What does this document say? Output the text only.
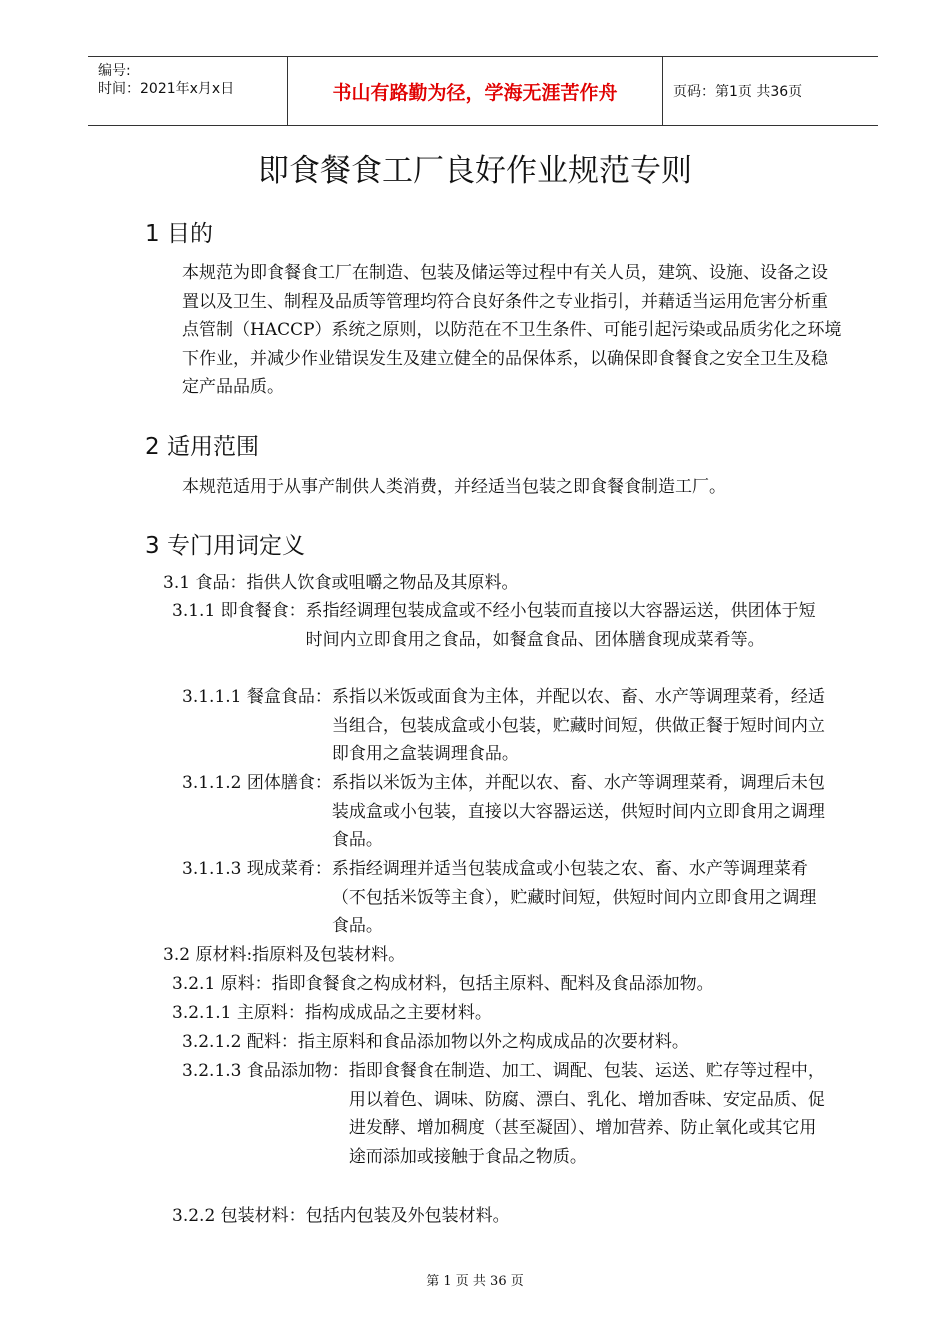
编号:
时间：2021年x月x日	书山有路勤为径，学海无涯苦作舟	页码：第1页 共36页
即食餐食工厂良好作业规范专则
1 目的
本规范为即食餐食工厂在制造、包装及储运等过程中有关人员，建筑、设施、设备之设置以及卫生、制程及品质等管理均符合良好条件之专业指引，并藉适当运用危害分析重点管制（HACCP）系统之原则，以防范在不卫生条件、可能引起污染或品质劣化之环境下作业，并减少作业错误发生及建立健全的品保体系，以确保即食餐食之安全卫生及稳定产品品质。
2 适用范围
本规范适用于从事产制供人类消费，并经适当包装之即食餐食制造工厂。
3 专门用词定义
3.1 食品：指供人饮食或咀嚼之物品及其原料。
3.1.1 即食餐食： 系指经调理包装成盒或不经小包装而直接以大容器运送，供团体于短时间内立即食用之食品，如餐盒食品、团体膳食现成菜肴等。
3.1.1.1 餐盒食品： 系指以米饭或面食为主体，并配以农、畜、水产等调理菜肴，经适当组合，包装成盒或小包装，贮藏时间短，供做正餐于短时间内立即食用之盒装调理食品。
3.1.1.2 团体膳食： 系指以米饭为主体，并配以农、畜、水产等调理菜肴，调理后未包装成盒或小包装，直接以大容器运送，供短时间内立即食用之调理食品。
3.1.1.3 现成菜肴： 系指经调理并适当包装成盒或小包装之农、畜、水产等调理菜肴（不包括米饭等主食），贮藏时间短，供短时间内立即食用之调理食品。
3.2 原材料:指原料及包装材料。
3.2.1 原料：指即食餐食之构成材料，包括主原料、配料及食品添加物。
3.2.1.1 主原料：指构成成品之主要材料。
3.2.1.2 配料：指主原料和食品添加物以外之构成成品的次要材料。
3.2.1.3 食品添加物： 指即食餐食在制造、加工、调配、包装、运送、贮存等过程中，用以着色、调味、防腐、漂白、乳化、增加香味、安定品质、促进发酵、增加稠度（甚至凝固）、增加营养、防止氧化或其它用途而添加或接触于食品之物质。
3.2.2 包装材料：包括内包装及外包装材料。
第 1 页 共 36 页
